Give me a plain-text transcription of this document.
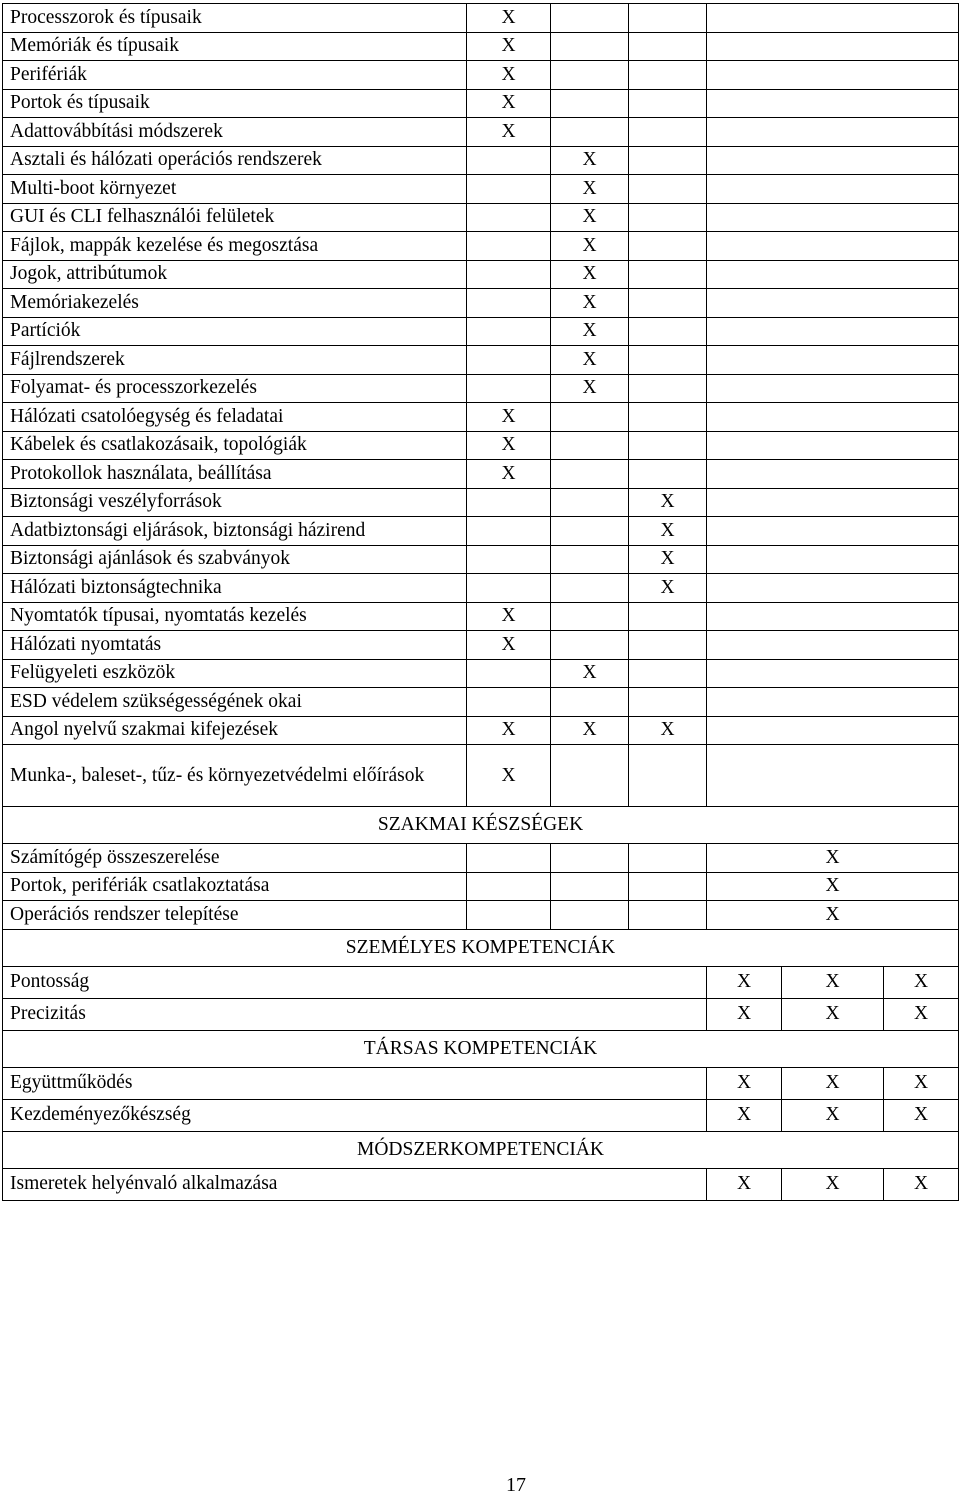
Processzorok és típusaik	X					
Memóriák és típusaik	X					
Perifériák	X					
Portok és típusaik	X					
Adattovábbítási módszerek	X					
Asztali és hálózati operációs rendszerek		X				
Multi-boot környezet		X				
GUI és CLI felhasználói felületek		X				
Fájlok, mappák kezelése és megosztása		X				
Jogok, attribútumok		X				
Memóriakezelés		X				
Partíciók		X				
Fájlrendszerek		X				
Folyamat- és processzorkezelés		X				
Hálózati csatolóegység és feladatai	X					
Kábelek és csatlakozásaik, topológiák	X					
Protokollok használata, beállítása	X					
Biztonsági veszélyforrások			X			
Adatbiztonsági eljárások, biztonsági házirend			X			
Biztonsági ajánlások és szabványok			X			
Hálózati biztonságtechnika			X			
Nyomtatók típusai, nyomtatás kezelés	X					
Hálózati nyomtatás	X					
Felügyeleti eszközök		X				
ESD védelem szükségességének okai						
Angol nyelvű szakmai kifejezések	X	X	X			
Munka-, baleset-, tűz- és környezetvédelmi előírások	X					
SZAKMAI KÉSZSÉGEK						
Számítógép összeszerelése				X		
Portok, perifériák csatlakoztatása				X		
Operációs rendszer telepítése				X		
SZEMÉLYES KOMPETENCIÁK						
Pontosság				X	X	X
Precizitás				X	X	X
TÁRSAS KOMPETENCIÁK						
Együttműködés				X	X	X
Kezdeményezőkészség				X	X	X
MÓDSZERKOMPETENCIÁK						
Ismeretek helyénvaló alkalmazása				X	X	X
17
